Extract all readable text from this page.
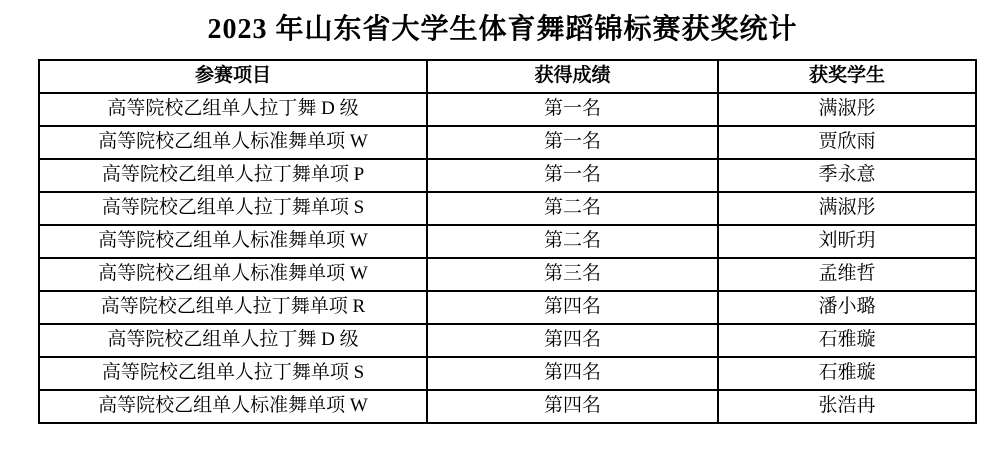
2023 年山东省大学生体育舞蹈锦标赛获奖统计
参赛项目	获得成绩	获奖学生
高等院校乙组单人拉丁舞 D 级	第一名	满淑彤
高等院校乙组单人标准舞单项 W	第一名	贾欣雨
高等院校乙组单人拉丁舞单项 P	第一名	季永意
高等院校乙组单人拉丁舞单项 S	第二名	满淑彤
高等院校乙组单人标准舞单项 W	第二名	刘昕玥
高等院校乙组单人标准舞单项 W	第三名	孟维哲
高等院校乙组单人拉丁舞单项 R	第四名	潘小璐
高等院校乙组单人拉丁舞 D 级	第四名	石雅璇
高等院校乙组单人拉丁舞单项 S	第四名	石雅璇
高等院校乙组单人标准舞单项 W	第四名	张浩冉
